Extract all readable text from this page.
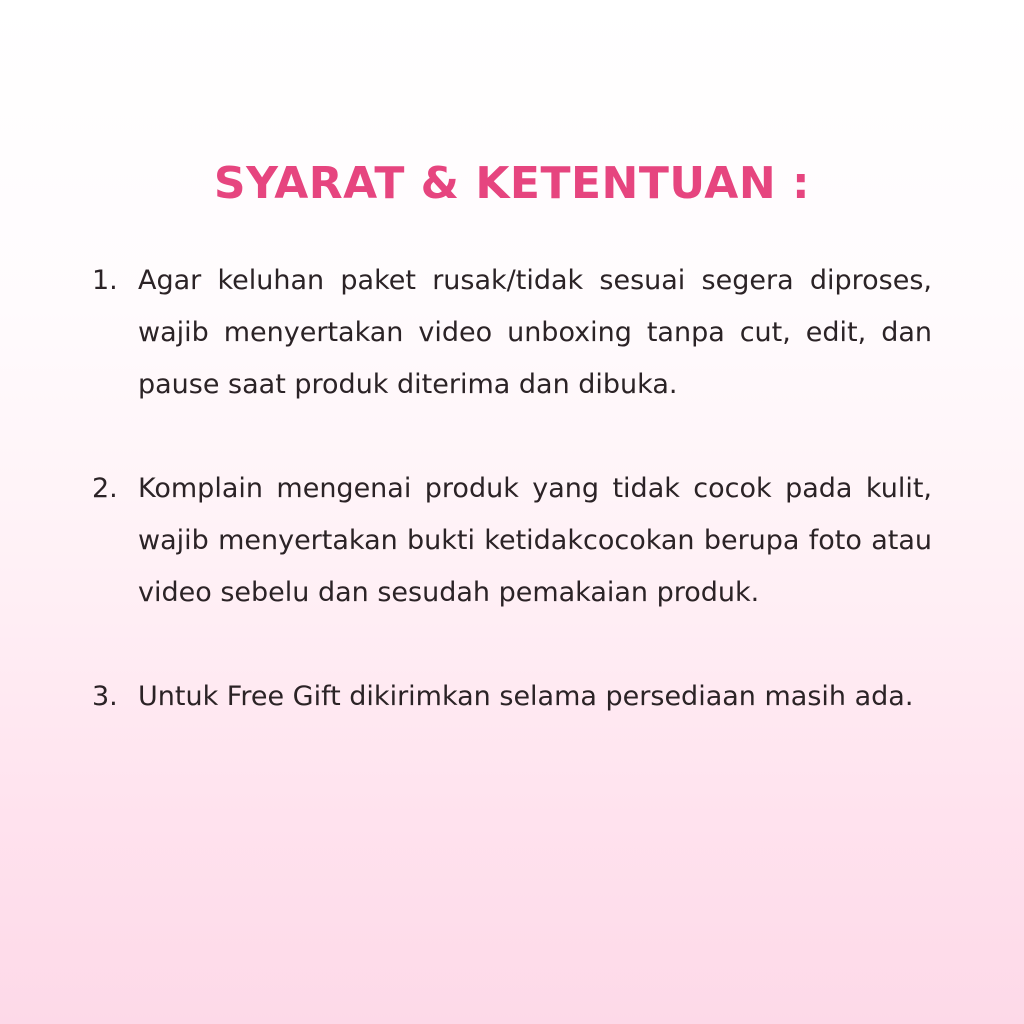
SYARAT & KETENTUAN :
1. Agar keluhan paket rusak/tidak sesuai segera diproses, wajib menyertakan video unboxing tanpa cut, edit, dan pause saat produk diterima dan dibuka.

2. Komplain mengenai produk yang tidak cocok pada kulit, wajib menyertakan bukti ketidakcocokan berupa foto atau video sebelu dan sesudah pemakaian produk.

3. Untuk Free Gift dikirimkan selama persediaan masih ada.
